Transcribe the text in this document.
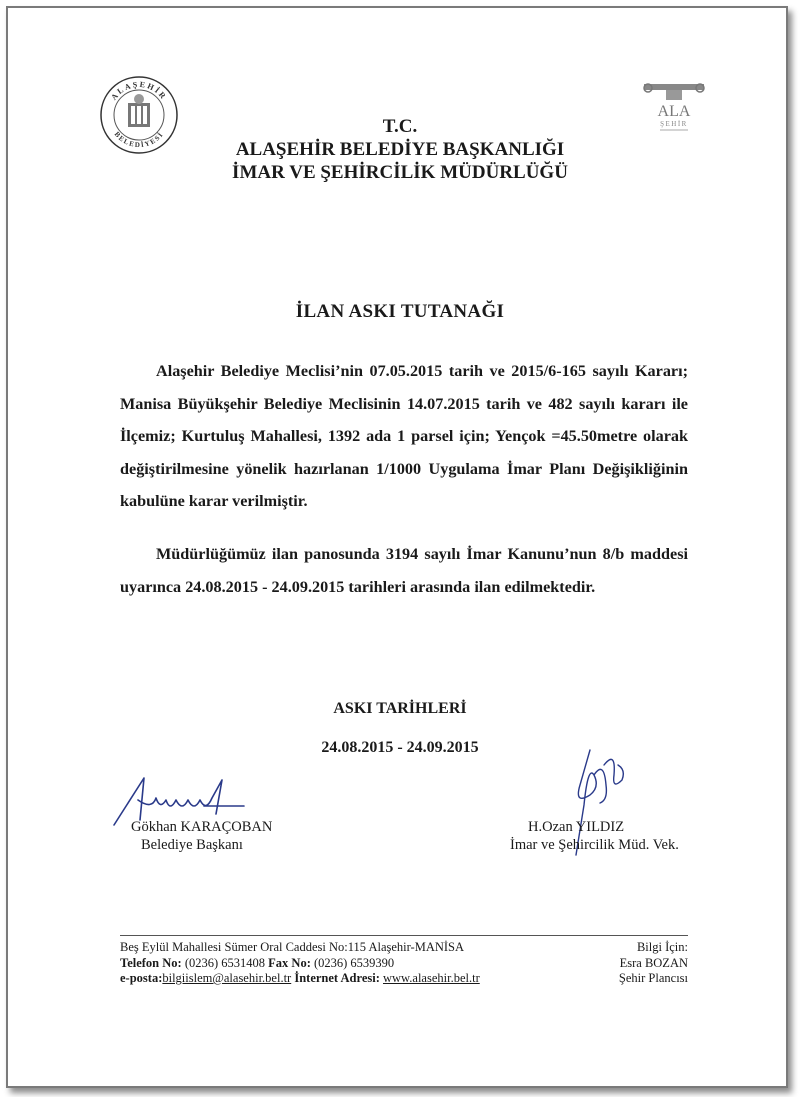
ALAŞEHİR
BELEDİYESİ
ALA
ŞEHİR
T.C.
ALAŞEHİR BELEDİYE BAŞKANLIĞI
İMAR VE ŞEHİRCİLİK MÜDÜRLÜĞÜ
İLAN ASKI TUTANAĞI

Alaşehir Belediye Meclisi’nin 07.05.2015 tarih ve 2015/6-165 sayılı Kararı; Manisa Büyükşehir Belediye Meclisinin 14.07.2015 tarih ve 482 sayılı kararı ile İlçemiz; Kurtuluş Mahallesi, 1392 ada 1 parsel için; Yençok =45.50metre olarak değiştirilmesine yönelik hazırlanan 1/1000 Uygulama İmar Planı Değişikliğinin kabulüne karar verilmiştir.

Müdürlüğümüz ilan panosunda 3194 sayılı İmar Kanunu’nun 8/b maddesi uyarınca 24.08.2015 - 24.09.2015 tarihleri arasında ilan edilmektedir.

ASKI TARİHLERİ
24.08.2015 - 24.09.2015
Gökhan KARAÇOBAN
Belediye Başkanı
H.Ozan YILDIZ
İmar ve Şehircilik Müd. Vek.
Beş Eylül Mahallesi Sümer Oral Caddesi No:115 Alaşehir-MANİSA
Telefon No: (0236) 6531408 Fax No: (0236) 6539390
e-posta:bilgiislem@alasehir.bel.tr İnternet Adresi: www.alasehir.bel.tr
Bilgi İçin:
Esra BOZAN
Şehir Plancısı
